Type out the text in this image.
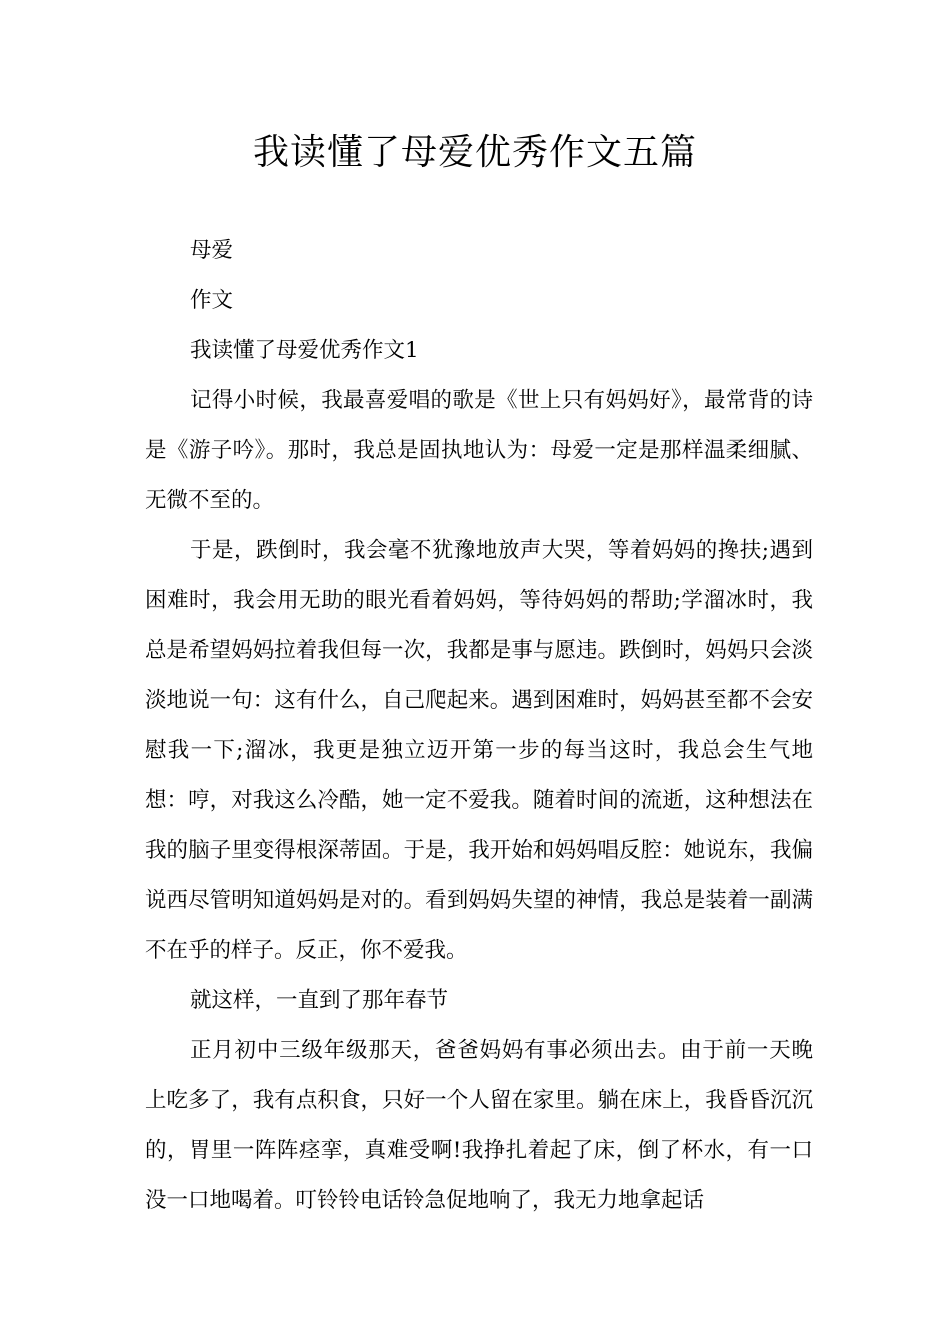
我读懂了母爱优秀作文五篇

母爱

作文

我读懂了母爱优秀作文1

记得小时候，我最喜爱唱的歌是《世上只有妈妈好》，最常背的诗是《游子吟》。那时，我总是固执地认为：母爱一定是那样温柔细腻、无微不至的。

于是，跌倒时，我会毫不犹豫地放声大哭，等着妈妈的搀扶;遇到困难时，我会用无助的眼光看着妈妈，等待妈妈的帮助;学溜冰时，我总是希望妈妈拉着我但每一次，我都是事与愿违。跌倒时，妈妈只会淡淡地说一句：这有什么，自己爬起来。遇到困难时，妈妈甚至都不会安慰我一下;溜冰，我更是独立迈开第一步的每当这时，我总会生气地想：哼，对我这么冷酷，她一定不爱我。随着时间的流逝，这种想法在我的脑子里变得根深蒂固。于是，我开始和妈妈唱反腔：她说东，我偏说西尽管明知道妈妈是对的。看到妈妈失望的神情，我总是装着一副满不在乎的样子。反正，你不爱我。

就这样，一直到了那年春节

正月初中三级年级那天，爸爸妈妈有事必须出去。由于前一天晚上吃多了，我有点积食，只好一个人留在家里。躺在床上，我昏昏沉沉的，胃里一阵阵痉挛，真难受啊!我挣扎着起了床，倒了杯水，有一口没一口地喝着。叮铃铃电话铃急促地响了，我无力地拿起话
